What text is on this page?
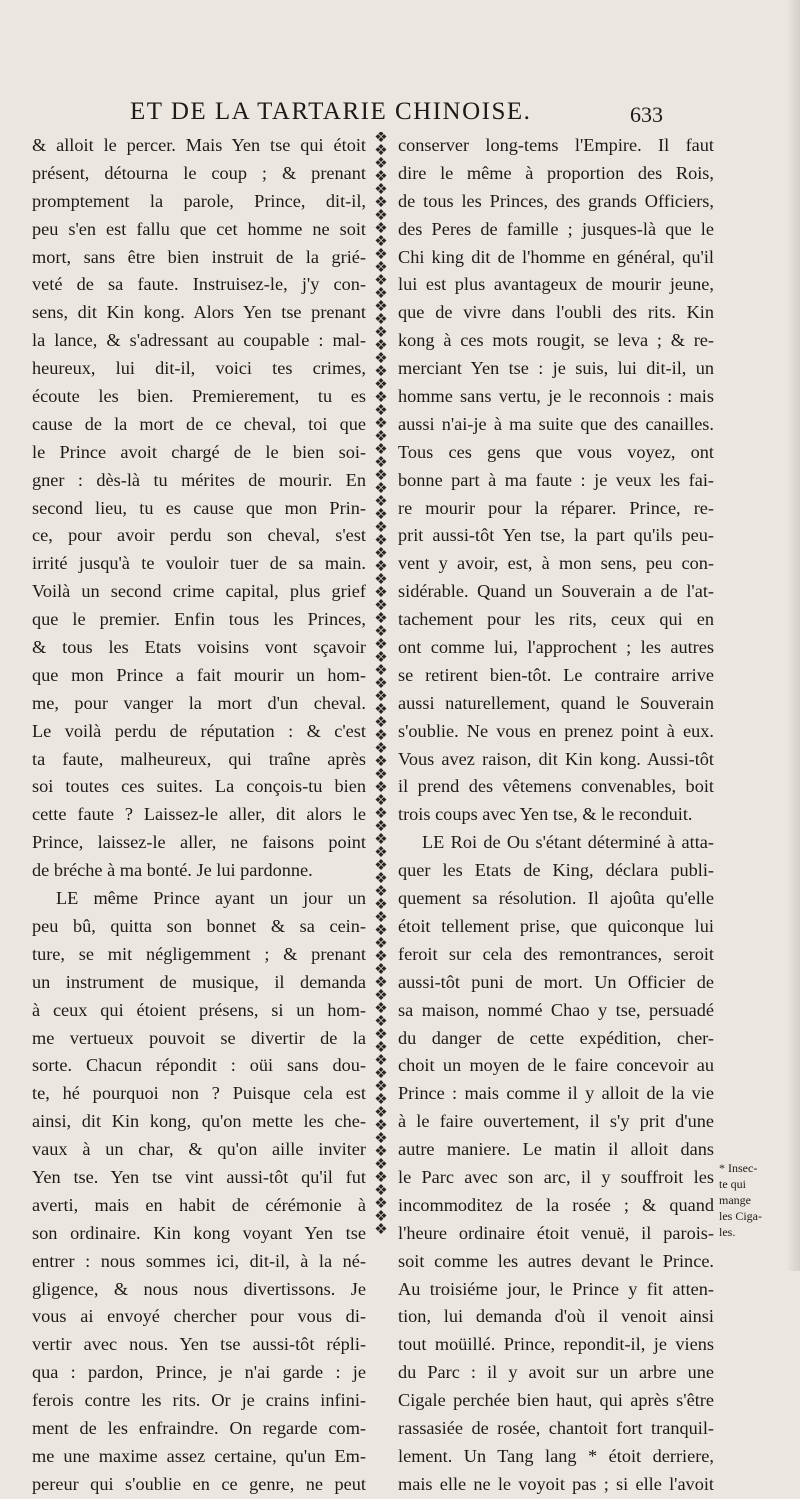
ET DE LA TARTARIE CHINOISE.	633
& alloit le percer. Mais Yen tse qui étoit
présent, détourna le coup ; & prenant
promptement la parole, Prince, dit-il,
peu s'en est fallu que cet homme ne soit
mort, sans être bien instruit de la grié-
veté de sa faute. Instruisez-le, j'y con-
sens, dit Kin kong. Alors Yen tse prenant
la lance, & s'adressant au coupable : mal-
heureux, lui dit-il, voici tes crimes,
écoute les bien. Premierement, tu es
cause de la mort de ce cheval, toi que
le Prince avoit chargé de le bien soi-
gner : dès-là tu mérites de mourir. En
second lieu, tu es cause que mon Prin-
ce, pour avoir perdu son cheval, s'est
irrité jusqu'à te vouloir tuer de sa main.
Voilà un second crime capital, plus grief
que le premier. Enfin tous les Princes,
& tous les Etats voisins vont sçavoir
que mon Prince a fait mourir un hom-
me, pour vanger la mort d'un cheval.
Le voilà perdu de réputation : & c'est
ta faute, malheureux, qui traîne après
soi toutes ces suites. La conçois-tu bien
cette faute ? Laissez-le aller, dit alors le
Prince, laissez-le aller, ne faisons point
de bréche à ma bonté. Je lui pardonne.
LE même Prince ayant un jour un
peu bû, quitta son bonnet & sa cein-
ture, se mit négligemment ; & prenant
un instrument de musique, il demanda
à ceux qui étoient présens, si un hom-
me vertueux pouvoit se divertir de la
sorte. Chacun répondit : oüi sans dou-
te, hé pourquoi non ? Puisque cela est
ainsi, dit Kin kong, qu'on mette les che-
vaux à un char, & qu'on aille inviter
Yen tse. Yen tse vint aussi-tôt qu'il fut
averti, mais en habit de cérémonie à
son ordinaire. Kin kong voyant Yen tse
entrer : nous sommes ici, dit-il, à la né-
gligence, & nous nous divertissons. Je
vous ai envoyé chercher pour vous di-
vertir avec nous. Yen tse aussi-tôt répli-
qua : pardon, Prince, je n'ai garde : je
ferois contre les rits. Or je crains infini-
ment de les enfraindre. On regarde com-
me une maxime assez certaine, qu'un Em-
pereur qui s'oublie en ce genre, ne peut
❖
❖
❖
❖
❖
❖
❖
❖
❖
❖
❖
❖
❖
❖
❖
❖
❖
❖
❖
❖
❖
❖
❖
❖
❖
❖
❖
❖
❖
❖
❖
❖
❖
❖
❖
❖
❖
❖
❖
❖
❖
❖
❖
❖
❖
❖
❖
❖
❖
❖
❖
❖
❖
❖
❖
❖
❖
❖
❖
❖
❖
❖
❖
❖
❖
❖
❖
❖
❖
❖
❖
❖
❖
❖
❖
❖
❖
❖
❖
❖
❖
❖
❖
❖
❖
conserver long-tems l'Empire. Il faut
dire le même à proportion des Rois,
de tous les Princes, des grands Officiers,
des Peres de famille ; jusques-là que le
Chi king dit de l'homme en général, qu'il
lui est plus avantageux de mourir jeune,
que de vivre dans l'oubli des rits. Kin
kong à ces mots rougit, se leva ; & re-
merciant Yen tse : je suis, lui dit-il, un
homme sans vertu, je le reconnois : mais
aussi n'ai-je à ma suite que des canailles.
Tous ces gens que vous voyez, ont
bonne part à ma faute : je veux les fai-
re mourir pour la réparer. Prince, re-
prit aussi-tôt Yen tse, la part qu'ils peu-
vent y avoir, est, à mon sens, peu con-
sidérable. Quand un Souverain a de l'at-
tachement pour les rits, ceux qui en
ont comme lui, l'approchent ; les autres
se retirent bien-tôt. Le contraire arrive
aussi naturellement, quand le Souverain
s'oublie. Ne vous en prenez point à eux.
Vous avez raison, dit Kin kong. Aussi-tôt
il prend des vêtemens convenables, boit
trois coups avec Yen tse, & le reconduit.
LE Roi de Ou s'étant déterminé à atta-
quer les Etats de King, déclara publi-
quement sa résolution. Il ajoûta qu'elle
étoit tellement prise, que quiconque lui
feroit sur cela des remontrances, seroit
aussi-tôt puni de mort. Un Officier de
sa maison, nommé Chao y tse, persuadé
du danger de cette expédition, cher-
choit un moyen de le faire concevoir au
Prince : mais comme il y alloit de la vie
à le faire ouvertement, il s'y prit d'une
autre maniere. Le matin il alloit dans
le Parc avec son arc, il y souffroit les
incommoditez de la rosée ; & quand
l'heure ordinaire étoit venuë, il parois-
soit comme les autres devant le Prince.
Au troisiéme jour, le Prince y fit atten-
tion, lui demanda d'où il venoit ainsi
tout moüillé. Prince, repondit-il, je viens
du Parc : il y avoit sur un arbre une
Cigale perchée bien haut, qui après s'être
rassasiée de rosée, chantoit fort tranquil-
lement. Un Tang lang * étoit derriere,
mais elle ne le voyoit pas ; si elle l'avoit
* Insec-
te qui
mange
les Ciga-
les.
